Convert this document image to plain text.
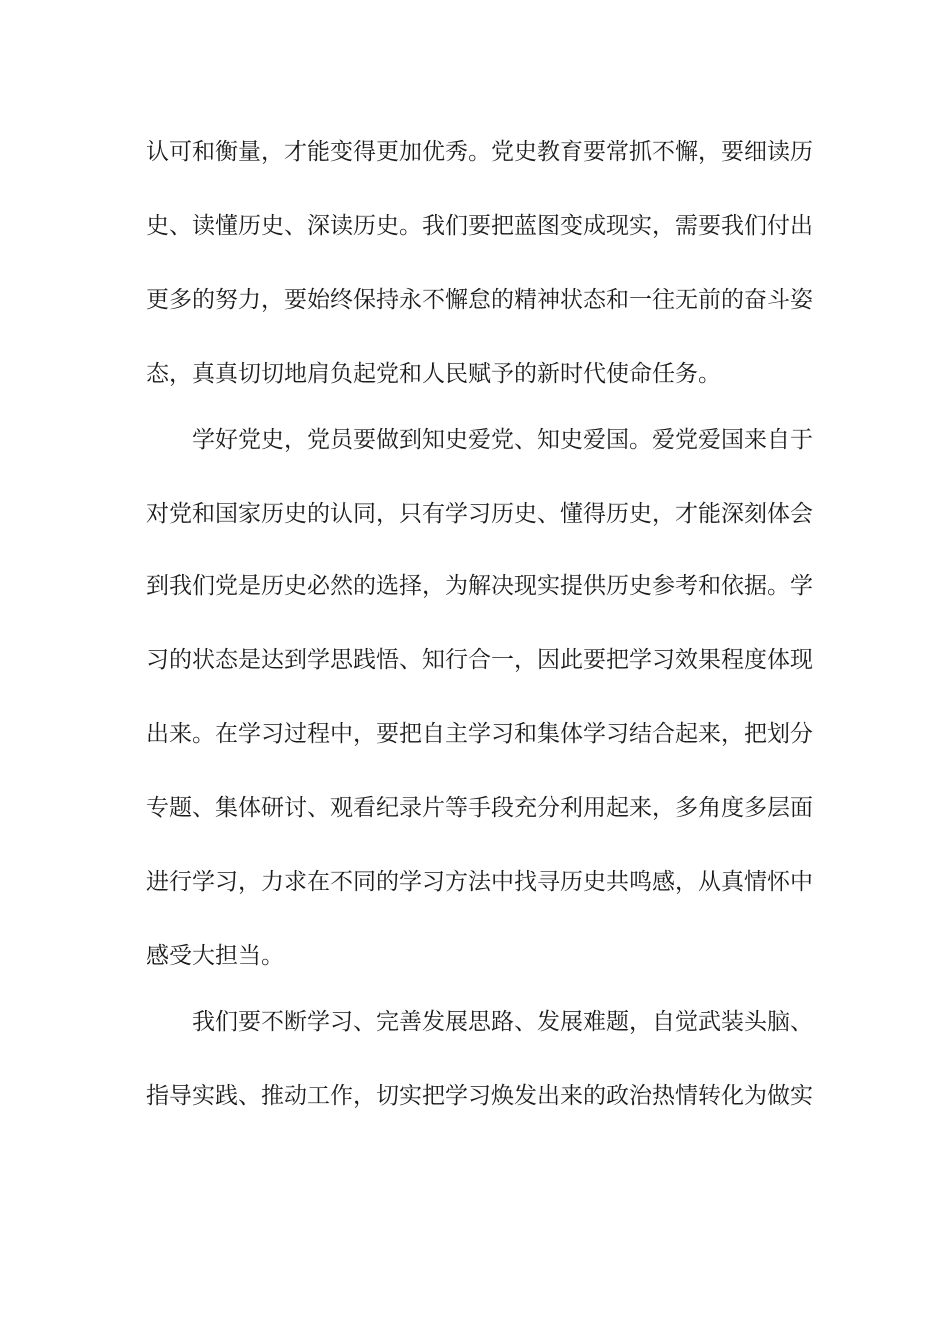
认可和衡量，才能变得更加优秀。党史教育要常抓不懈，要细读历
史、读懂历史、深读历史。我们要把蓝图变成现实，需要我们付出
更多的努力，要始终保持永不懈怠的精神状态和一往无前的奋斗姿
态，真真切切地肩负起党和人民赋予的新时代使命任务。
学好党史，党员要做到知史爱党、知史爱国。爱党爱国来自于
对党和国家历史的认同，只有学习历史、懂得历史，才能深刻体会
到我们党是历史必然的选择，为解决现实提供历史参考和依据。学
习的状态是达到学思践悟、知行合一，因此要把学习效果程度体现
出来。在学习过程中，要把自主学习和集体学习结合起来，把划分
专题、集体研讨、观看纪录片等手段充分利用起来，多角度多层面
进行学习，力求在不同的学习方法中找寻历史共鸣感，从真情怀中
感受大担当。
我们要不断学习、完善发展思路、发展难题，自觉武装头脑、
指导实践、推动工作，切实把学习焕发出来的政治热情转化为做实
